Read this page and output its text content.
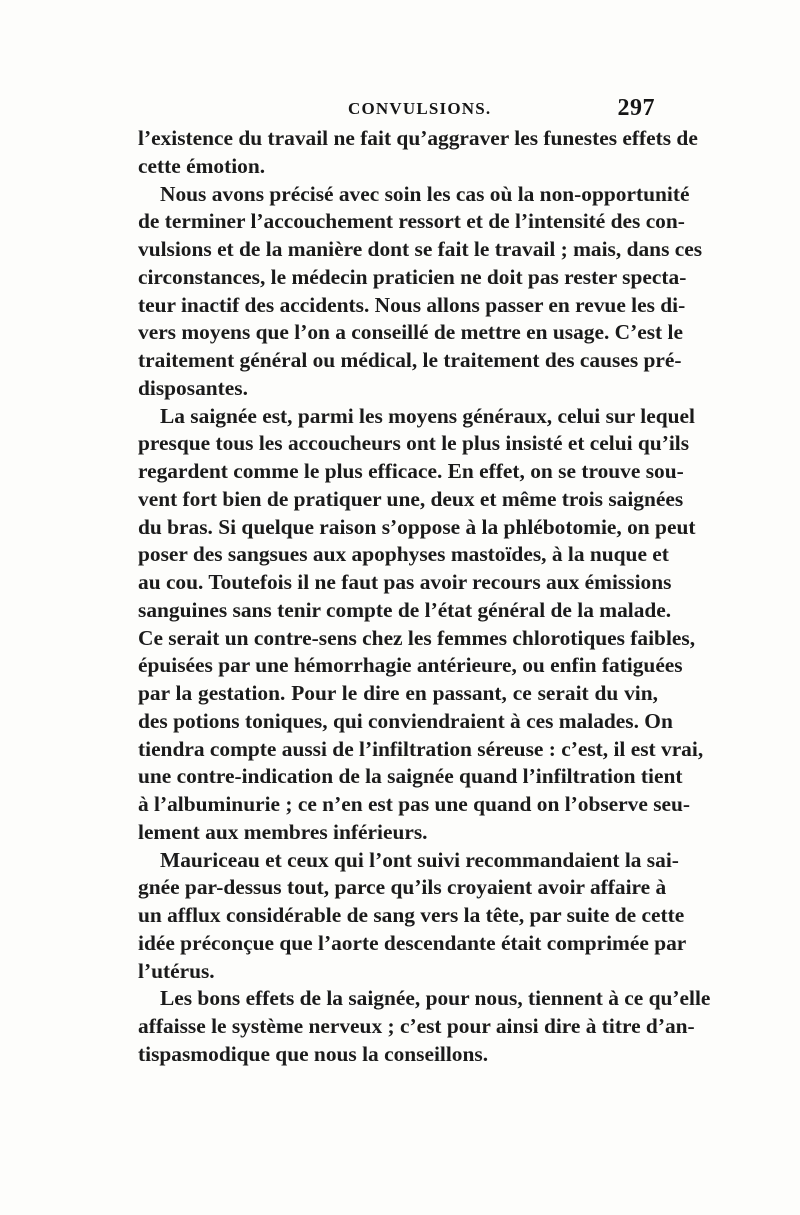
CONVULSIONS.	297
l’existence du travail ne fait qu’aggraver les funestes effets de
cette émotion.
Nous avons précisé avec soin les cas où la non-opportunité
de terminer l’accouchement ressort et de l’intensité des con-
vulsions et de la manière dont se fait le travail ; mais, dans ces
circonstances, le médecin praticien ne doit pas rester specta-
teur inactif des accidents. Nous allons passer en revue les di-
vers moyens que l’on a conseillé de mettre en usage. C’est le
traitement général ou médical, le traitement des causes pré-
disposantes.
La saignée est, parmi les moyens généraux, celui sur lequel
presque tous les accoucheurs ont le plus insisté et celui qu’ils
regardent comme le plus efficace. En effet, on se trouve sou-
vent fort bien de pratiquer une, deux et même trois saignées
du bras. Si quelque raison s’oppose à la phlébotomie, on peut
poser des sangsues aux apophyses mastoïdes, à la nuque et
au cou. Toutefois il ne faut pas avoir recours aux émissions
sanguines sans tenir compte de l’état général de la malade.
Ce serait un contre-sens chez les femmes chlorotiques faibles,
épuisées par une hémorrhagie antérieure, ou enfin fatiguées
par la gestation. Pour le dire en passant, ce serait du vin,
des potions toniques, qui conviendraient à ces malades. On
tiendra compte aussi de l’infiltration séreuse : c’est, il est vrai,
une contre-indication de la saignée quand l’infiltration tient
à l’albuminurie ; ce n’en est pas une quand on l’observe seu-
lement aux membres inférieurs.
Mauriceau et ceux qui l’ont suivi recommandaient la sai-
gnée par-dessus tout, parce qu’ils croyaient avoir affaire à
un afflux considérable de sang vers la tête, par suite de cette
idée préconçue que l’aorte descendante était comprimée par
l’utérus.
Les bons effets de la saignée, pour nous, tiennent à ce qu’elle
affaisse le système nerveux ; c’est pour ainsi dire à titre d’an-
tispasmodique que nous la conseillons.
